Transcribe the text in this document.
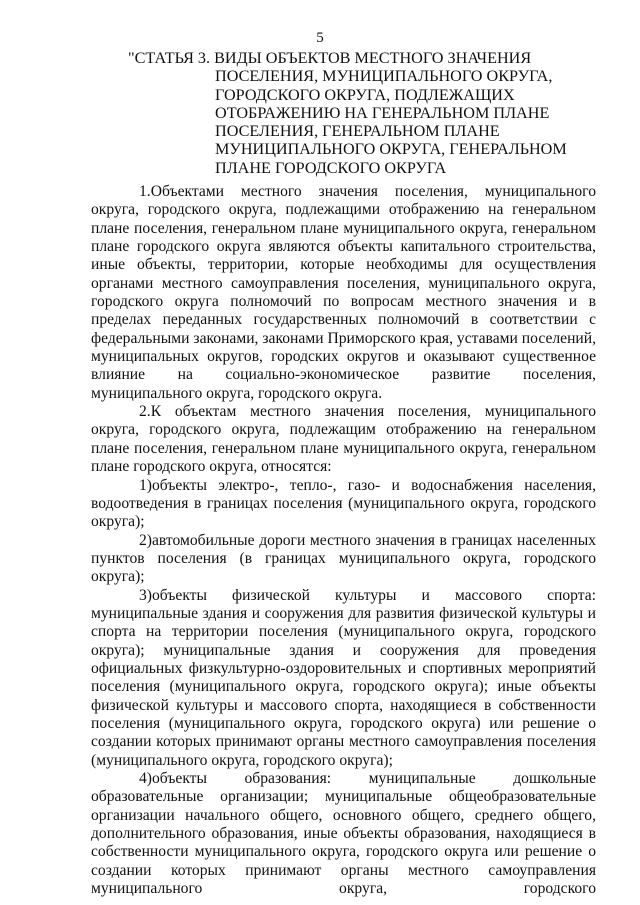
5
"СТАТЬЯ 3. ВИДЫ ОБЪЕКТОВ МЕСТНОГО ЗНАЧЕНИЯ
ПОСЕЛЕНИЯ, МУНИЦИПАЛЬНОГО ОКРУГА, ГОРОДСКОГО ОКРУГА, ПОДЛЕЖАЩИХ ОТОБРАЖЕНИЮ НА ГЕНЕРАЛЬНОМ ПЛАНЕ ПОСЕЛЕНИЯ, ГЕНЕРАЛЬНОМ ПЛАНЕ МУНИЦИПАЛЬНОГО ОКРУГА, ГЕНЕРАЛЬНОМ ПЛАНЕ ГОРОДСКОГО ОКРУГА

1.Объектами местного значения поселения, муниципального округа, городского округа, подлежащими отображению на генеральном плане поселения, генеральном плане муниципального округа, генеральном плане городского округа являются объекты капитального строительства, иные объекты, территории, которые необходимы для осуществления органами местного самоуправления поселения, муниципального округа, городского округа полномочий по вопросам местного значения и в пределах переданных государственных полномочий в соответствии с федеральными законами, законами Приморского края, уставами поселений, муниципальных округов, городских округов и оказывают существенное влияние на социально-экономическое развитие поселения, муниципального округа, городского округа.

2.К объектам местного значения поселения, муниципального округа, городского округа, подлежащим отображению на генеральном плане поселения, генеральном плане муниципального округа, генеральном плане городского округа, относятся:

1)объекты электро-, тепло-, газо- и водоснабжения населения, водоотведения в границах поселения (муниципального округа, городского округа);

2)автомобильные дороги местного значения в границах населенных пунктов поселения (в границах муниципального округа, городского округа);

3)объекты физической культуры и массового спорта: муниципальные здания и сооружения для развития физической культуры и спорта на территории поселения (муниципального округа, городского округа); муниципальные здания и сооружения для проведения официальных физкультурно-оздоровительных и спортивных мероприятий поселения (муниципального округа, городского округа); иные объекты физической культуры и массового спорта, находящиеся в собственности поселения (муниципального округа, городского округа) или решение о создании которых принимают органы местного самоуправления поселения (муниципального округа, городского округа);

4)объекты образования: муниципальные дошкольные образовательные организации; муниципальные общеобразовательные организации начального общего, основного общего, среднего общего, дополнительного образования, иные объекты образования, находящиеся в собственности муниципального округа, городского округа или решение о создании которых принимают органы местного самоуправления муниципального округа, городского
